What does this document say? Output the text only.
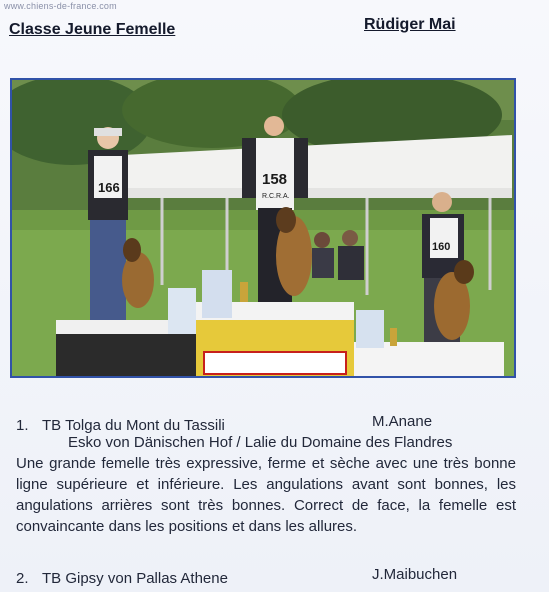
www.chiens-de-france.com
Classe Jeune Femelle	Rüdiger Mai
166	158
R.C.R.A.
160
1. TB Tolga du Mont du Tassili	M.Anane
Esko von Dänischen Hof / Lalie du Domaine des Flandres
Une grande femelle très expressive, ferme et sèche avec une très bonne ligne supérieure et inférieure. Les angulations avant sont bonnes, les angulations arrières sont très bonnes. Correct de face, la femelle est convaincante dans les positions et dans les allures.
2. TB Gipsy von Pallas Athene	J.Maibuchen
